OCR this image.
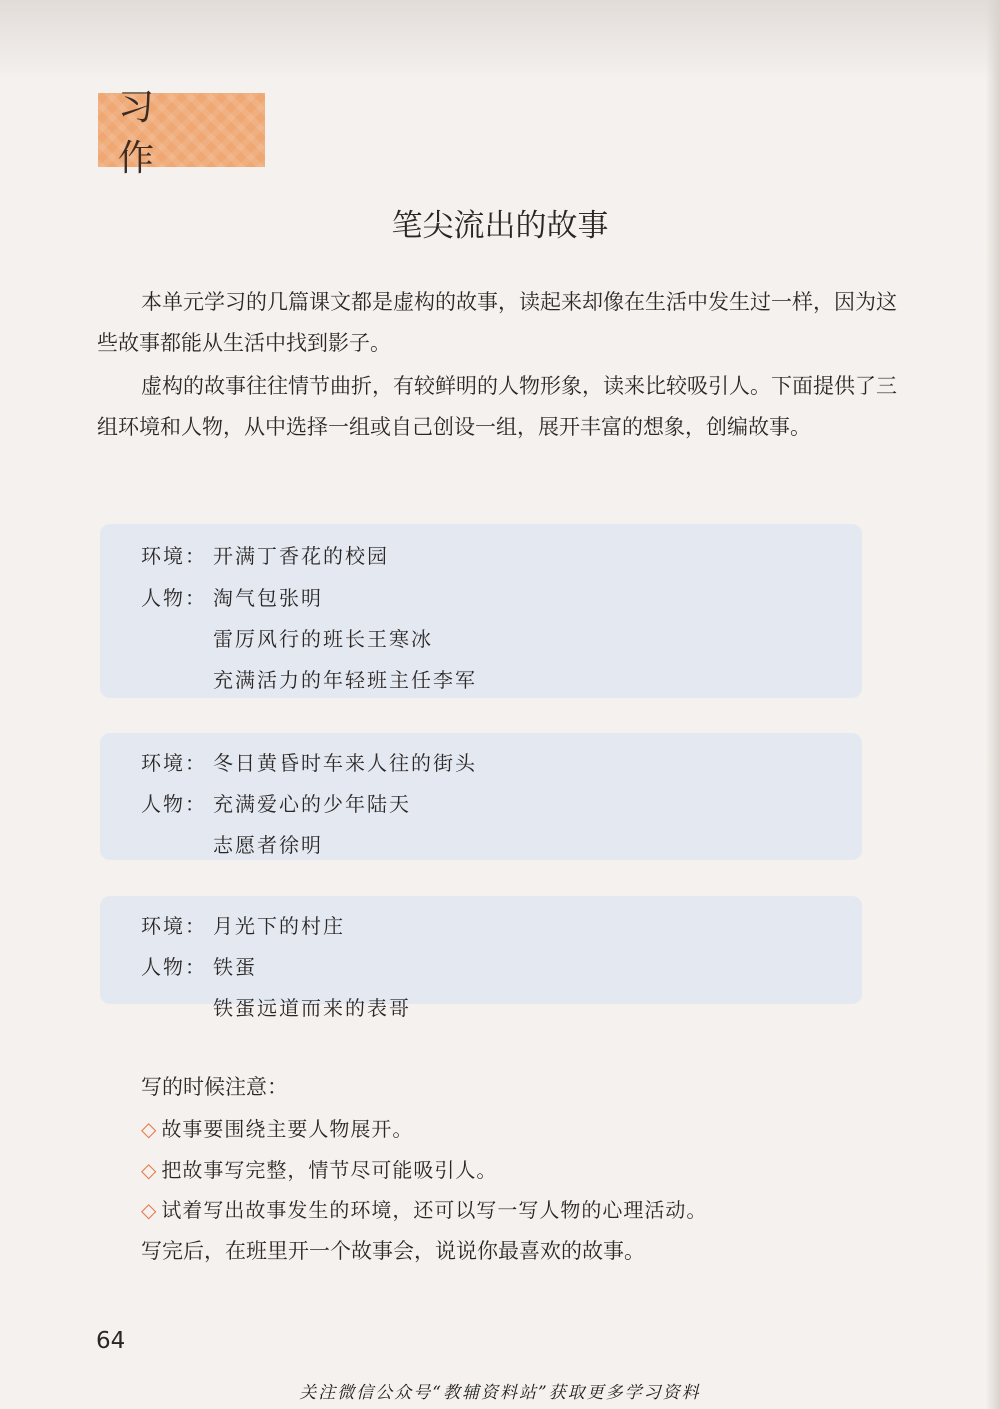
习 作
笔尖流出的故事
本单元学习的几篇课文都是虚构的故事，读起来却像在生活中发生过一样，因为这些故事都能从生活中找到影子。
虚构的故事往往情节曲折，有较鲜明的人物形象，读来比较吸引人。下面提供了三组环境和人物，从中选择一组或自己创设一组，展开丰富的想象，创编故事。
环境： 开满丁香花的校园
人物： 淘气包张明
雷厉风行的班长王寒冰
充满活力的年轻班主任李军
环境： 冬日黄昏时车来人往的街头
人物： 充满爱心的少年陆天
志愿者徐明
环境： 月光下的村庄
人物： 铁蛋
铁蛋远道而来的表哥
写的时候注意：
◇ 故事要围绕主要人物展开。
◇ 把故事写完整，情节尽可能吸引人。
◇ 试着写出故事发生的环境，还可以写一写人物的心理活动。
写完后，在班里开一个故事会，说说你最喜欢的故事。
64
关注微信公众号“教辅资料站”获取更多学习资料
